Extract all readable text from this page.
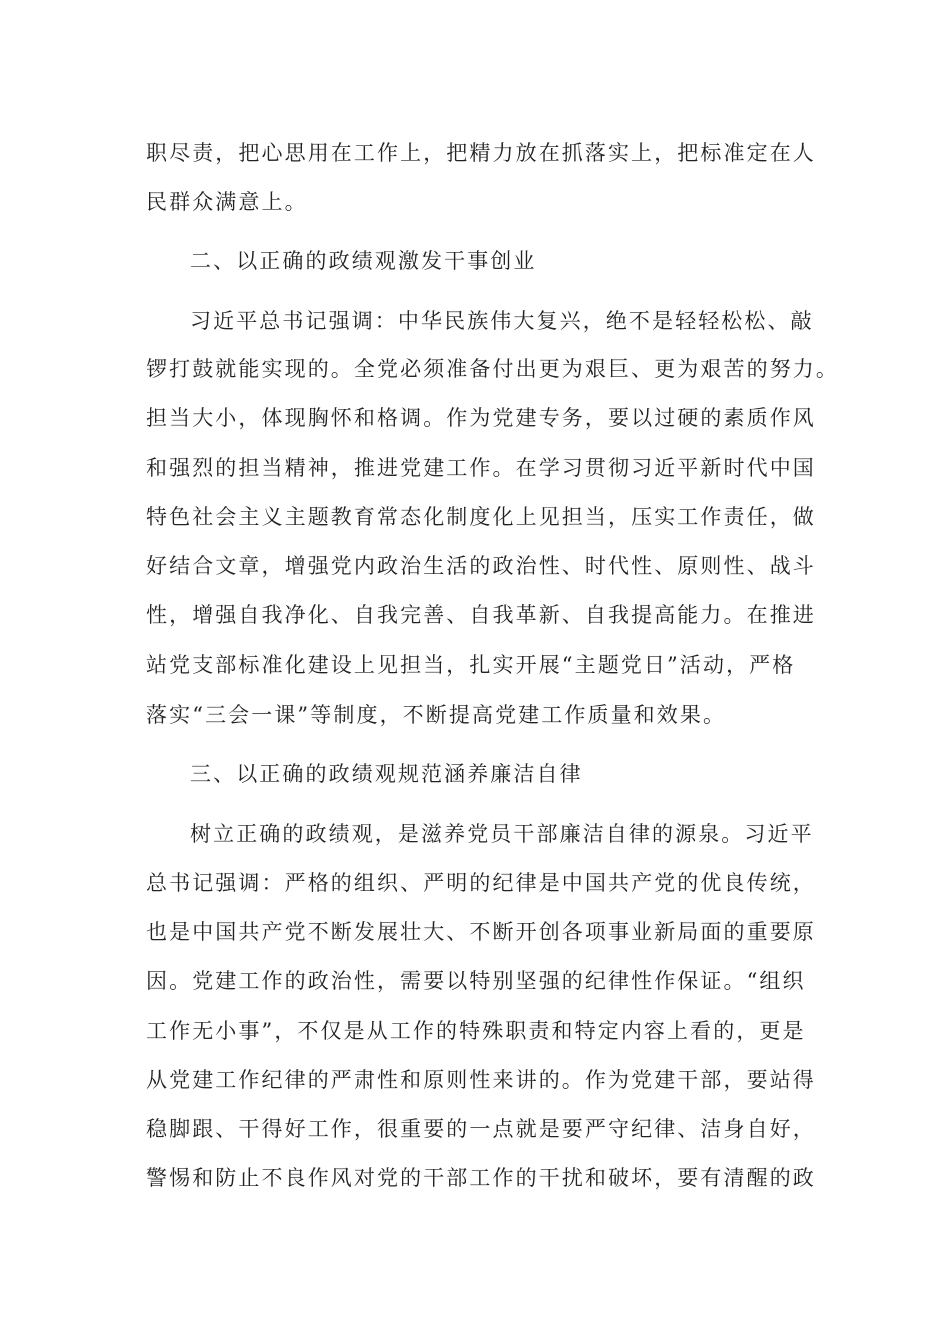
职尽责，把心思用在工作上，把精力放在抓落实上，把标准定在人
民群众满意上。
二、以正确的政绩观激发干事创业
习近平总书记强调：中华民族伟大复兴，绝不是轻轻松松、敲
锣打鼓就能实现的。全党必须准备付出更为艰巨、更为艰苦的努力。
担当大小，体现胸怀和格调。作为党建专务，要以过硬的素质作风
和强烈的担当精神，推进党建工作。在学习贯彻习近平新时代中国
特色社会主义主题教育常态化制度化上见担当，压实工作责任，做
好结合文章，增强党内政治生活的政治性、时代性、原则性、战斗
性，增强自我净化、自我完善、自我革新、自我提高能力。在推进
站党支部标准化建设上见担当，扎实开展“主题党日”活动，严格
落实“三会一课”等制度，不断提高党建工作质量和效果。
三、以正确的政绩观规范涵养廉洁自律
树立正确的政绩观，是滋养党员干部廉洁自律的源泉。习近平
总书记强调：严格的组织、严明的纪律是中国共产党的优良传统，
也是中国共产党不断发展壮大、不断开创各项事业新局面的重要原
因。党建工作的政治性，需要以特别坚强的纪律性作保证。“组织
工作无小事”，不仅是从工作的特殊职责和特定内容上看的，更是
从党建工作纪律的严肃性和原则性来讲的。作为党建干部，要站得
稳脚跟、干得好工作，很重要的一点就是要严守纪律、洁身自好，
警惕和防止不良作风对党的干部工作的干扰和破坏，要有清醒的政
